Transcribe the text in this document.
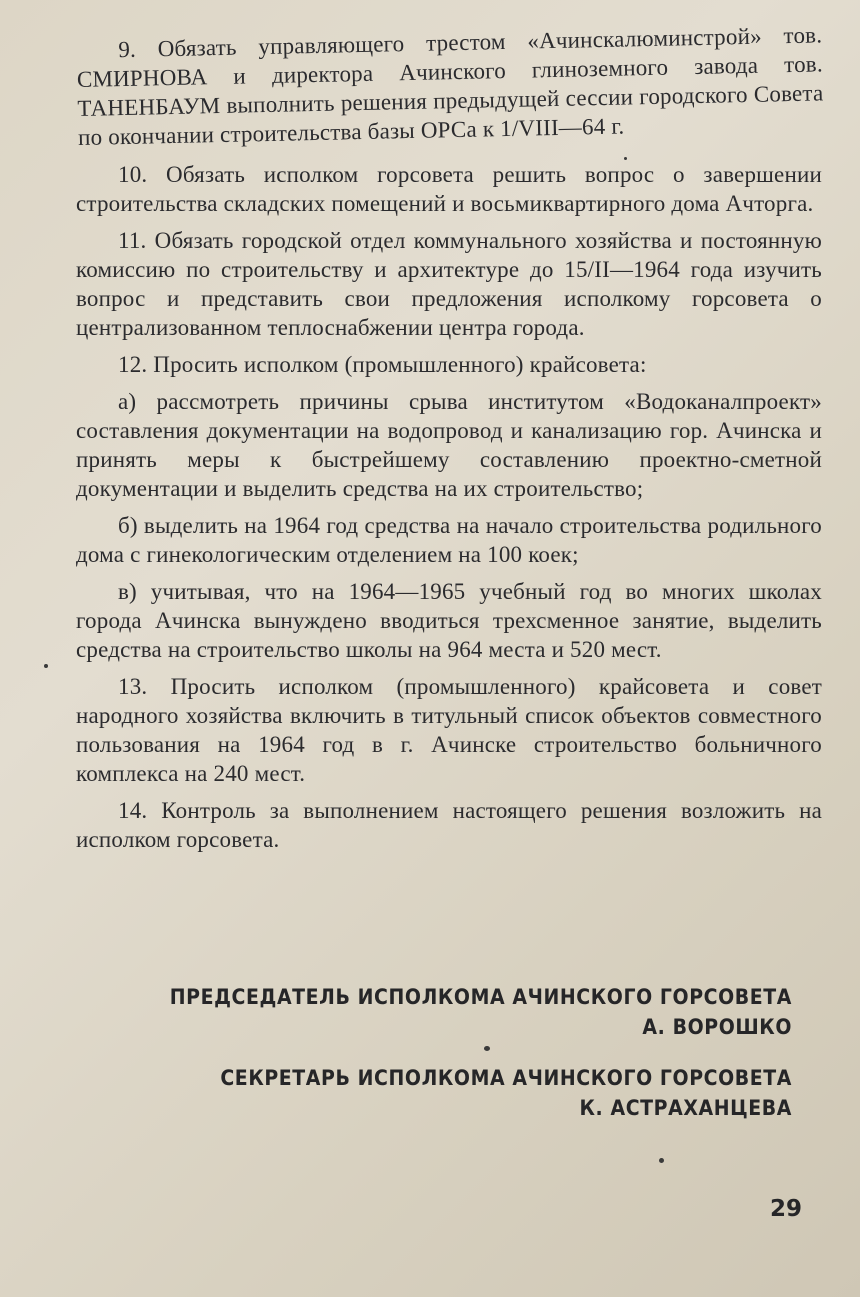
9. Обязать управляющего трестом «Ачинскалюминстрой» тов. СМИРНОВА и директора Ачинского глиноземного завода тов. ТАНЕНБАУМ выполнить решения предыдущей сессии городского Совета по окончании строительства базы ОРСа к 1/VIII—64 г.

10. Обязать исполком горсовета решить вопрос о завершении строительства складских помещений и восьмиквартирного дома Ачторга.

11. Обязать городской отдел коммунального хозяйства и постоянную комиссию по строительству и архитектуре до 15/II—1964 года изучить вопрос и представить свои предложения исполкому горсовета о централизованном теплоснабжении центра города.

12. Просить исполком (промышленного) крайсовета:

а) рассмотреть причины срыва институтом «Водоканалпроект» составления документации на водопровод и канализацию гор. Ачинска и принять меры к быстрейшему составлению проектно-сметной документации и выделить средства на их строительство;

б) выделить на 1964 год средства на начало строительства родильного дома с гинекологическим отделением на 100 коек;

в) учитывая, что на 1964—1965 учебный год во многих школах города Ачинска вынуждено вводиться трехсменное занятие, выделить средства на строительство школы на 964 места и 520 мест.

13. Просить исполком (промышленного) крайсовета и совет народного хозяйства включить в титульный список объектов совместного пользования на 1964 год в г. Ачинске строительство больничного комплекса на 240 мест.

14. Контроль за выполнением настоящего решения возложить на исполком горсовета.

ПРЕДСЕДАТЕЛЬ ИСПОЛКОМА АЧИНСКОГО ГОРСОВЕТА
А. ВОРОШКО
СЕКРЕТАРЬ ИСПОЛКОМА АЧИНСКОГО ГОРСОВЕТА
К. АСТРАХАНЦЕВА
29
